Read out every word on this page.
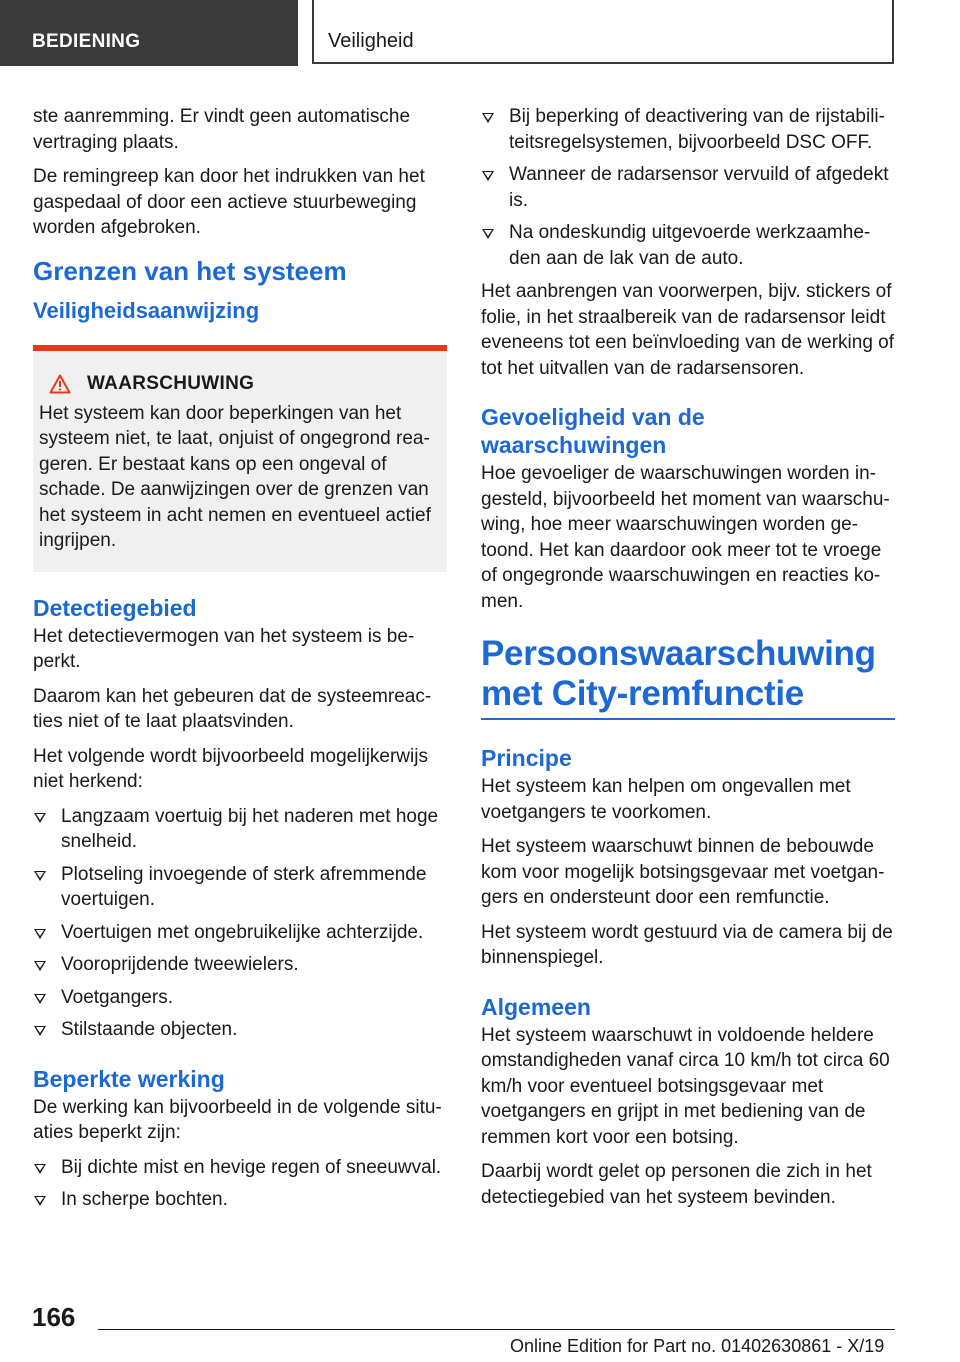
BEDIENING	Veiligheid

ste aanremming. Er vindt geen automatische vertraging plaats.

De remingreep kan door het indrukken van het gaspedaal of door een actieve stuurbeweging worden afgebroken.

Grenzen van het systeem
Veiligheidsaanwijzing
WAARSCHUWING

Het systeem kan door beperkingen van het systeem niet, te laat, onjuist of ongegrond rea- geren. Er bestaat kans op een ongeval of schade. De aanwijzingen over de grenzen van het systeem in acht nemen en eventueel actief ingrijpen.

Detectiegebied

Het detectievermogen van het systeem is be- perkt.

Daarom kan het gebeuren dat de systeemreac- ties niet of te laat plaatsvinden.

Het volgende wordt bijvoorbeeld mogelijkerwijs niet herkend:

Langzaam voertuig bij het naderen met hoge snelheid.
Plotseling invoegende of sterk afremmende voertuigen.
Voertuigen met ongebruikelijke achterzijde.
Vooroprijdende tweewielers.
Voetgangers.
Stilstaande objecten.
Beperkte werking

De werking kan bijvoorbeeld in de volgende situ- aties beperkt zijn:

Bij dichte mist en hevige regen of sneeuwval.
In scherpe bochten.
Bij beperking of deactivering van de rijstabili- teitsregelsystemen, bijvoorbeeld DSC OFF.
Wanneer de radarsensor vervuild of afgedekt is.
Na ondeskundig uitgevoerde werkzaamhe- den aan de lak van de auto.

Het aanbrengen van voorwerpen, bijv. stickers of folie, in het straalbereik van de radarsensor leidt eveneens tot een beïnvloeding van de werking of tot het uitvallen van de radarsensoren.

Gevoeligheid van de waarschuwingen

Hoe gevoeliger de waarschuwingen worden in- gesteld, bijvoorbeeld het moment van waarschu- wing, hoe meer waarschuwingen worden ge- toond. Het kan daardoor ook meer tot te vroege of ongegronde waarschuwingen en reacties ko- men.

Persoonswaarschuwing met City-remfunctie
Principe

Het systeem kan helpen om ongevallen met voetgangers te voorkomen.

Het systeem waarschuwt binnen de bebouwde kom voor mogelijk botsingsgevaar met voetgan- gers en ondersteunt door een remfunctie.

Het systeem wordt gestuurd via de camera bij de binnenspiegel.

Algemeen

Het systeem waarschuwt in voldoende heldere omstandigheden vanaf circa 10 km/h tot circa 60 km/h voor eventueel botsingsgevaar met voetgangers en grijpt in met bediening van de remmen kort voor een botsing.

Daarbij wordt gelet op personen die zich in het detectiegebied van het systeem bevinden.

166
Online Edition for Part no. 01402630861 - X/19
